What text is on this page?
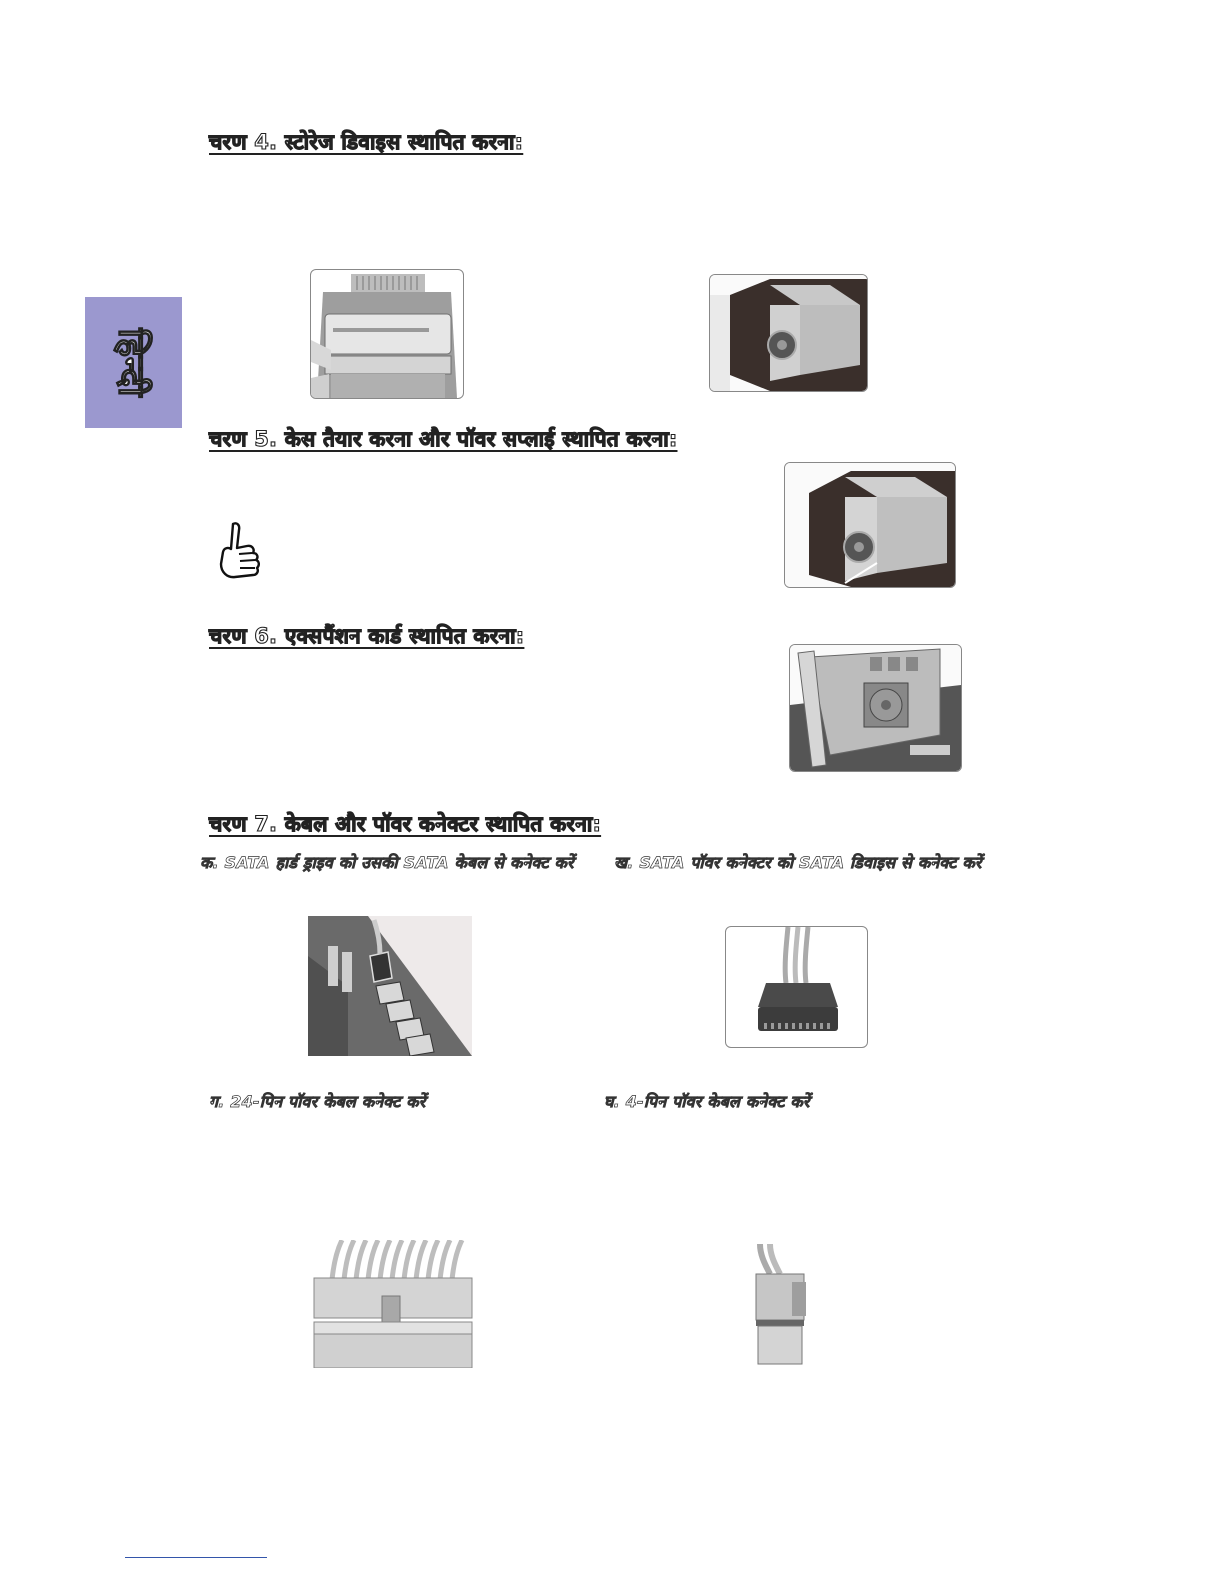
हिन्दी
चरण 4. स्टोरेज डिवाइस स्थापित करना:
चरण 5. केस तैयार करना और पॉवर सप्लाई स्थापित करना:
चरण 6. एक्सपैंशन कार्ड स्थापित करना:
चरण 7. केबल और पॉवर कनेक्टर स्थापित करना:
क. SATA हार्ड ड्राइव को उसकी SATA केबल से कनेक्ट करें	ख. SATA पॉवर कनेक्टर को SATA डिवाइस से कनेक्ट करें
ग. 24-पिन पॉवर केबल कनेक्ट करें	घ. 4-पिन पॉवर केबल कनेक्ट करें
